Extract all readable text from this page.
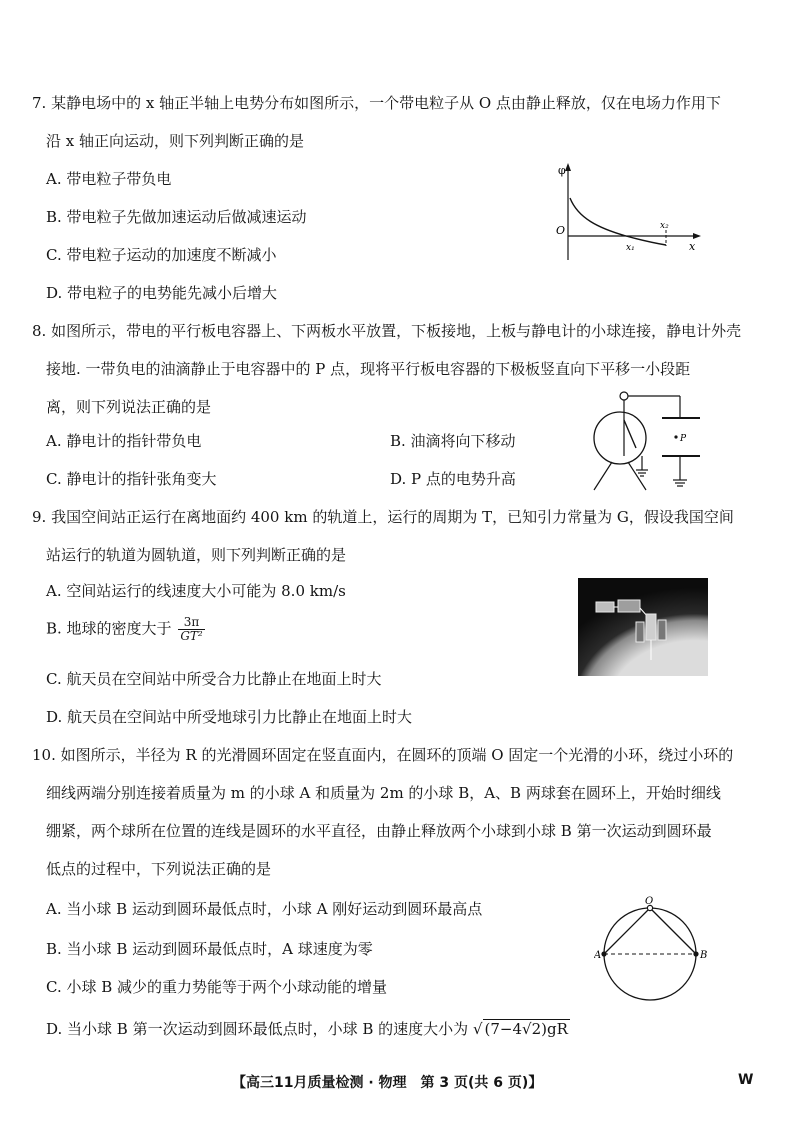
7. 某静电场中的 x 轴正半轴上电势分布如图所示，一个带电粒子从 O 点由静止释放，仅在电场力作用下
沿 x 轴正向运动，则下列判断正确的是
A. 带电粒子带负电
B. 带电粒子先做加速运动后做减速运动
C. 带电粒子运动的加速度不断减小
D. 带电粒子的电势能先减小后增大
φ
O
x₁
x₂
x
8. 如图所示，带电的平行板电容器上、下两板水平放置，下板接地，上板与静电计的小球连接，静电计外壳
接地. 一带负电的油滴静止于电容器中的 P 点，现将平行板电容器的下极板竖直向下平移一小段距
离，则下列说法正确的是
A. 静电计的指针带负电	B. 油滴将向下移动
C. 静电计的指针张角变大	D. P 点的电势升高
P
9. 我国空间站正运行在离地面约 400 km 的轨道上，运行的周期为 T，已知引力常量为 G，假设我国空间
站运行的轨道为圆轨道，则下列判断正确的是
A. 空间站运行的线速度大小可能为 8.0 km/s
B. 地球的密度大于 $\frac{3\pi}{\text{GT²}}$
C. 航天员在空间站中所受合力比静止在地面上时大
D. 航天员在空间站中所受地球引力比静止在地面上时大
10. 如图所示，半径为 R 的光滑圆环固定在竖直面内，在圆环的顶端 O 固定一个光滑的小环，绕过小环的
细线两端分别连接着质量为 m 的小球 A 和质量为 2m 的小球 B，A、B 两球套在圆环上，开始时细线
绷紧，两个球所在位置的连线是圆环的水平直径，由静止释放两个小球到小球 B 第一次运动到圆环最
低点的过程中，下列说法正确的是
A. 当小球 B 运动到圆环最低点时，小球 A 刚好运动到圆环最高点
B. 当小球 B 运动到圆环最低点时，A 球速度为零
C. 小球 B 减少的重力势能等于两个小球动能的增量
D. 当小球 B 第一次运动到圆环最低点时，小球 B 的速度大小为 √ (7−4√2)gR
O
A	B
【高三11月质量检测 · 物理　第 3 页(共 6 页)】	W
